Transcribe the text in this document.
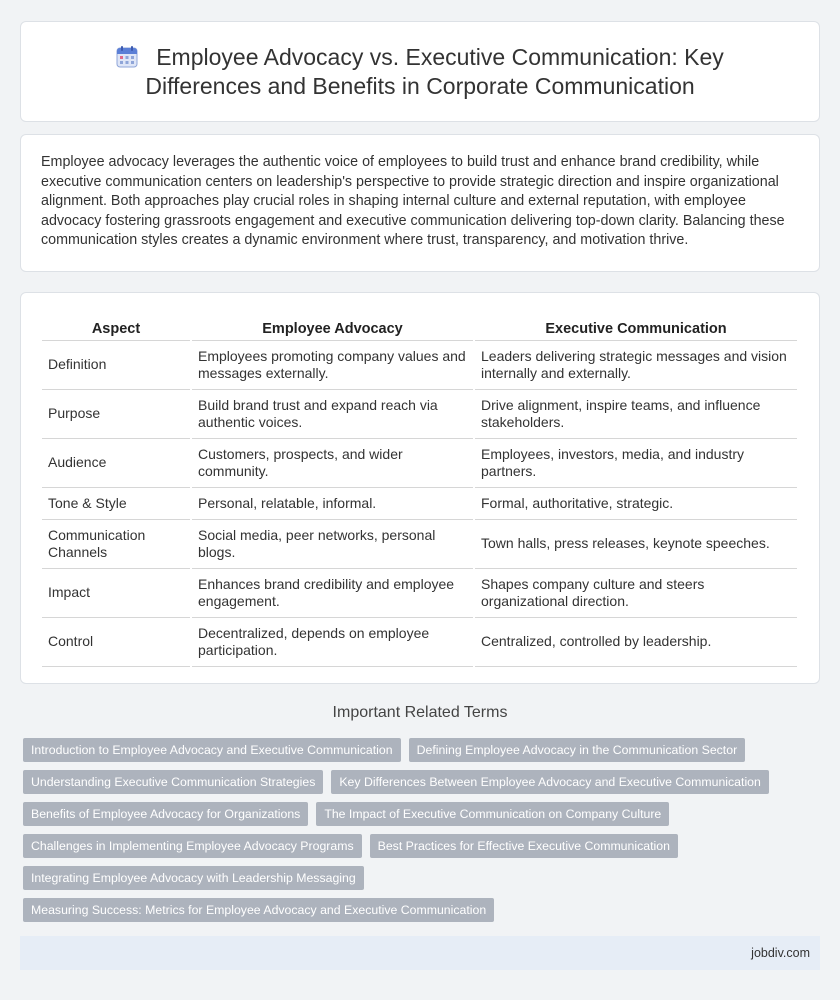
Employee Advocacy vs. Executive Communication: Key Differences and Benefits in Corporate Communication

Employee advocacy leverages the authentic voice of employees to build trust and enhance brand credibility, while executive communication centers on leadership's perspective to provide strategic direction and inspire organizational alignment. Both approaches play crucial roles in shaping internal culture and external reputation, with employee advocacy fostering grassroots engagement and executive communication delivering top-down clarity. Balancing these communication styles creates a dynamic environment where trust, transparency, and motivation thrive.

Aspect	Employee Advocacy	Executive Communication
Definition	Employees promoting company values and messages externally.	Leaders delivering strategic messages and vision internally and externally.
Purpose	Build brand trust and expand reach via authentic voices.	Drive alignment, inspire teams, and influence stakeholders.
Audience	Customers, prospects, and wider community.	Employees, investors, media, and industry partners.
Tone & Style	Personal, relatable, informal.	Formal, authoritative, strategic.
Communication Channels	Social media, peer networks, personal blogs.	Town halls, press releases, keynote speeches.
Impact	Enhances brand credibility and employee engagement.	Shapes company culture and steers organizational direction.
Control	Decentralized, depends on employee participation.	Centralized, controlled by leadership.
Important Related Terms
Introduction to Employee Advocacy and Executive Communication	Defining Employee Advocacy in the Communication Sector
Understanding Executive Communication Strategies	Key Differences Between Employee Advocacy and Executive Communication
Benefits of Employee Advocacy for Organizations	The Impact of Executive Communication on Company Culture
Challenges in Implementing Employee Advocacy Programs	Best Practices for Effective Executive Communication
Integrating Employee Advocacy with Leadership Messaging
Measuring Success: Metrics for Employee Advocacy and Executive Communication
jobdiv.com
